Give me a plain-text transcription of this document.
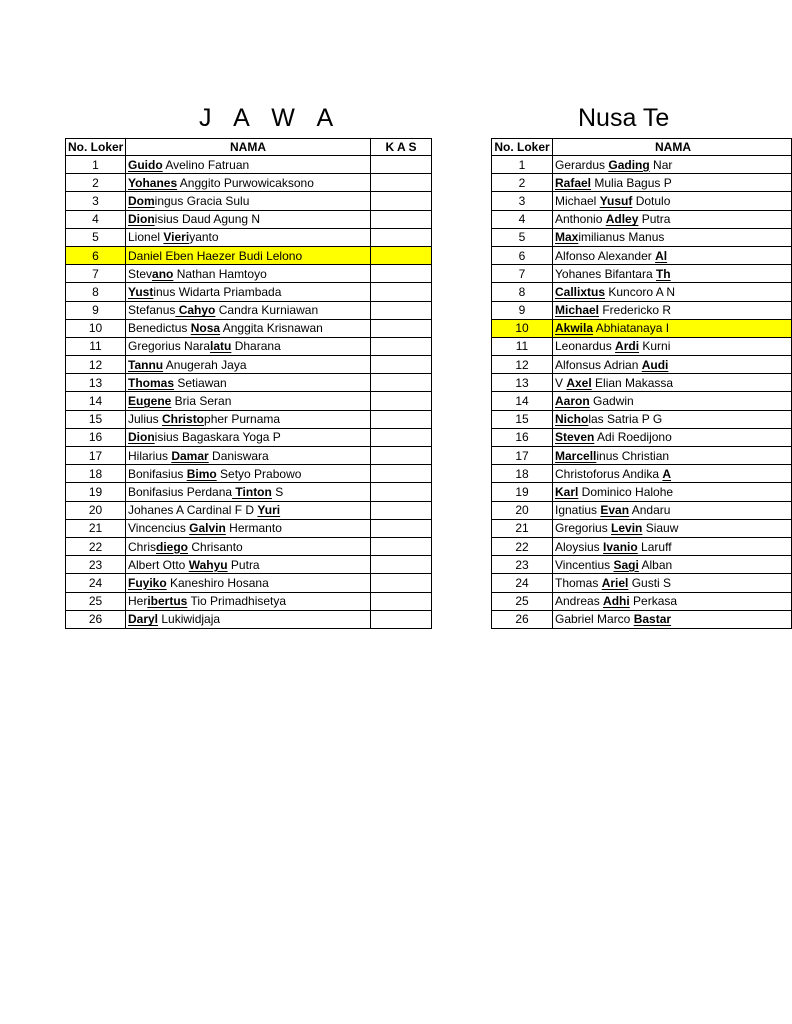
J A W A	Nusa Te
No. Loker	NAMA	K A S
1	Guido Avelino Fatruan	
2	Yohanes Anggito Purwowicaksono	
3	Domingus Gracia Sulu	
4	Dionisius Daud Agung N	
5	Lionel Vieriyanto	
6	Daniel Eben Haezer Budi Lelono	
7	Stevano Nathan Hamtoyo	
8	Yustinus Widarta Priambada	
9	Stefanus Cahyo Candra Kurniawan	
10	Benedictus Nosa Anggita Krisnawan	
11	Gregorius Naralatu Dharana	
12	Tannu Anugerah Jaya	
13	Thomas Setiawan	
14	Eugene Bria Seran	
15	Julius Christopher Purnama	
16	Dionisius Bagaskara Yoga P	
17	Hilarius Damar Daniswara	
18	Bonifasius Bimo Setyo Prabowo	
19	Bonifasius Perdana Tinton S	
20	Johanes A Cardinal F D Yuri	
21	Vincencius Galvin Hermanto	
22	Chrisdiego Chrisanto	
23	Albert Otto Wahyu Putra	
24	Fuyiko Kaneshiro Hosana	
25	Heribertus Tio Primadhisetya	
26	Daryl Lukiwidjaja	
No. Loker	NAMA
1	Gerardus Gading Nar
2	Rafael Mulia Bagus P
3	Michael Yusuf Dotulo
4	Anthonio Adley Putra
5	Maximilianus Manus
6	Alfonso Alexander Al
7	Yohanes Bifantara Th
8	Callixtus Kuncoro A N
9	Michael Fredericko R
10	Akwila Abhiatanaya I
11	Leonardus Ardi Kurni
12	Alfonsus Adrian Audi
13	V Axel Elian Makassa
14	Aaron Gadwin
15	Nicholas Satria P G
16	Steven Adi Roedijono
17	Marcellinus Christian
18	Christoforus Andika A
19	Karl Dominico Halohe
20	Ignatius Evan Andaru
21	Gregorius Levin Siauw
22	Aloysius Ivanio Laruff
23	Vincentius Sagi Alban
24	Thomas Ariel Gusti S
25	Andreas Adhi Perkasa
26	Gabriel Marco Bastar
